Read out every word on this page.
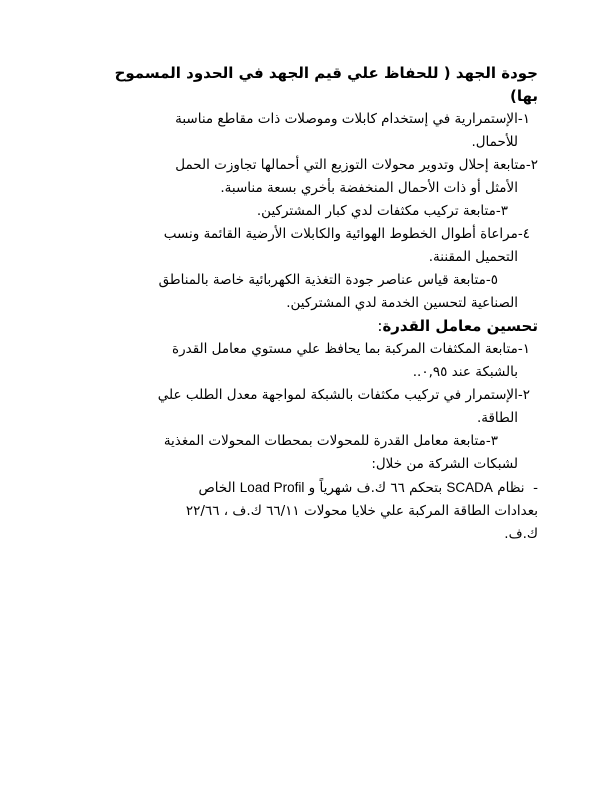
جودة الجهد ( للحفاظ علي قيم الجهد في الحدود المسموح بها)

١-الإستمرارية في إستخدام كابلات وموصلات ذات مقاطع مناسبة

للأحمال.

٢-متابعة إحلال وتدوير محولات التوزيع التي أحمالها تجاوزت الحمل

الأمثل أو ذات الأحمال المنخفضة بأخري بسعة مناسبة.

٣-متابعة تركيب مكثفات لدي كبار المشتركين.

٤-مراعاة أطوال الخطوط الهوائية والكابلات الأرضية القائمة ونسب

التحميل المقننة.

٥-متابعة قياس عناصر جودة التغذية الكهربائية خاصة بالمناطق

الصناعية لتحسين الخدمة لدي المشتركين.

تحسين معامل القدرة:

١-متابعة المكثفات المركبة بما يحافظ علي مستوي معامل القدرة

بالشبكة عند ٠,٩٥..

٢-الإستمرار في تركيب مكثفات بالشبكة لمواجهة معدل الطلب علي

الطاقة.

٣-متابعة معامل القدرة للمحولات بمحطات المحولات المغذية

لشبكات الشركة من خلال:

-  نظام SCADA بتحكم ٦٦ ك.ف شهرياً و Load Profil الخاص

بعدادات الطاقة المركبة علي خلايا محولات ٦٦/١١ ك.ف ، ٢٢/٦٦

ك.ف.
